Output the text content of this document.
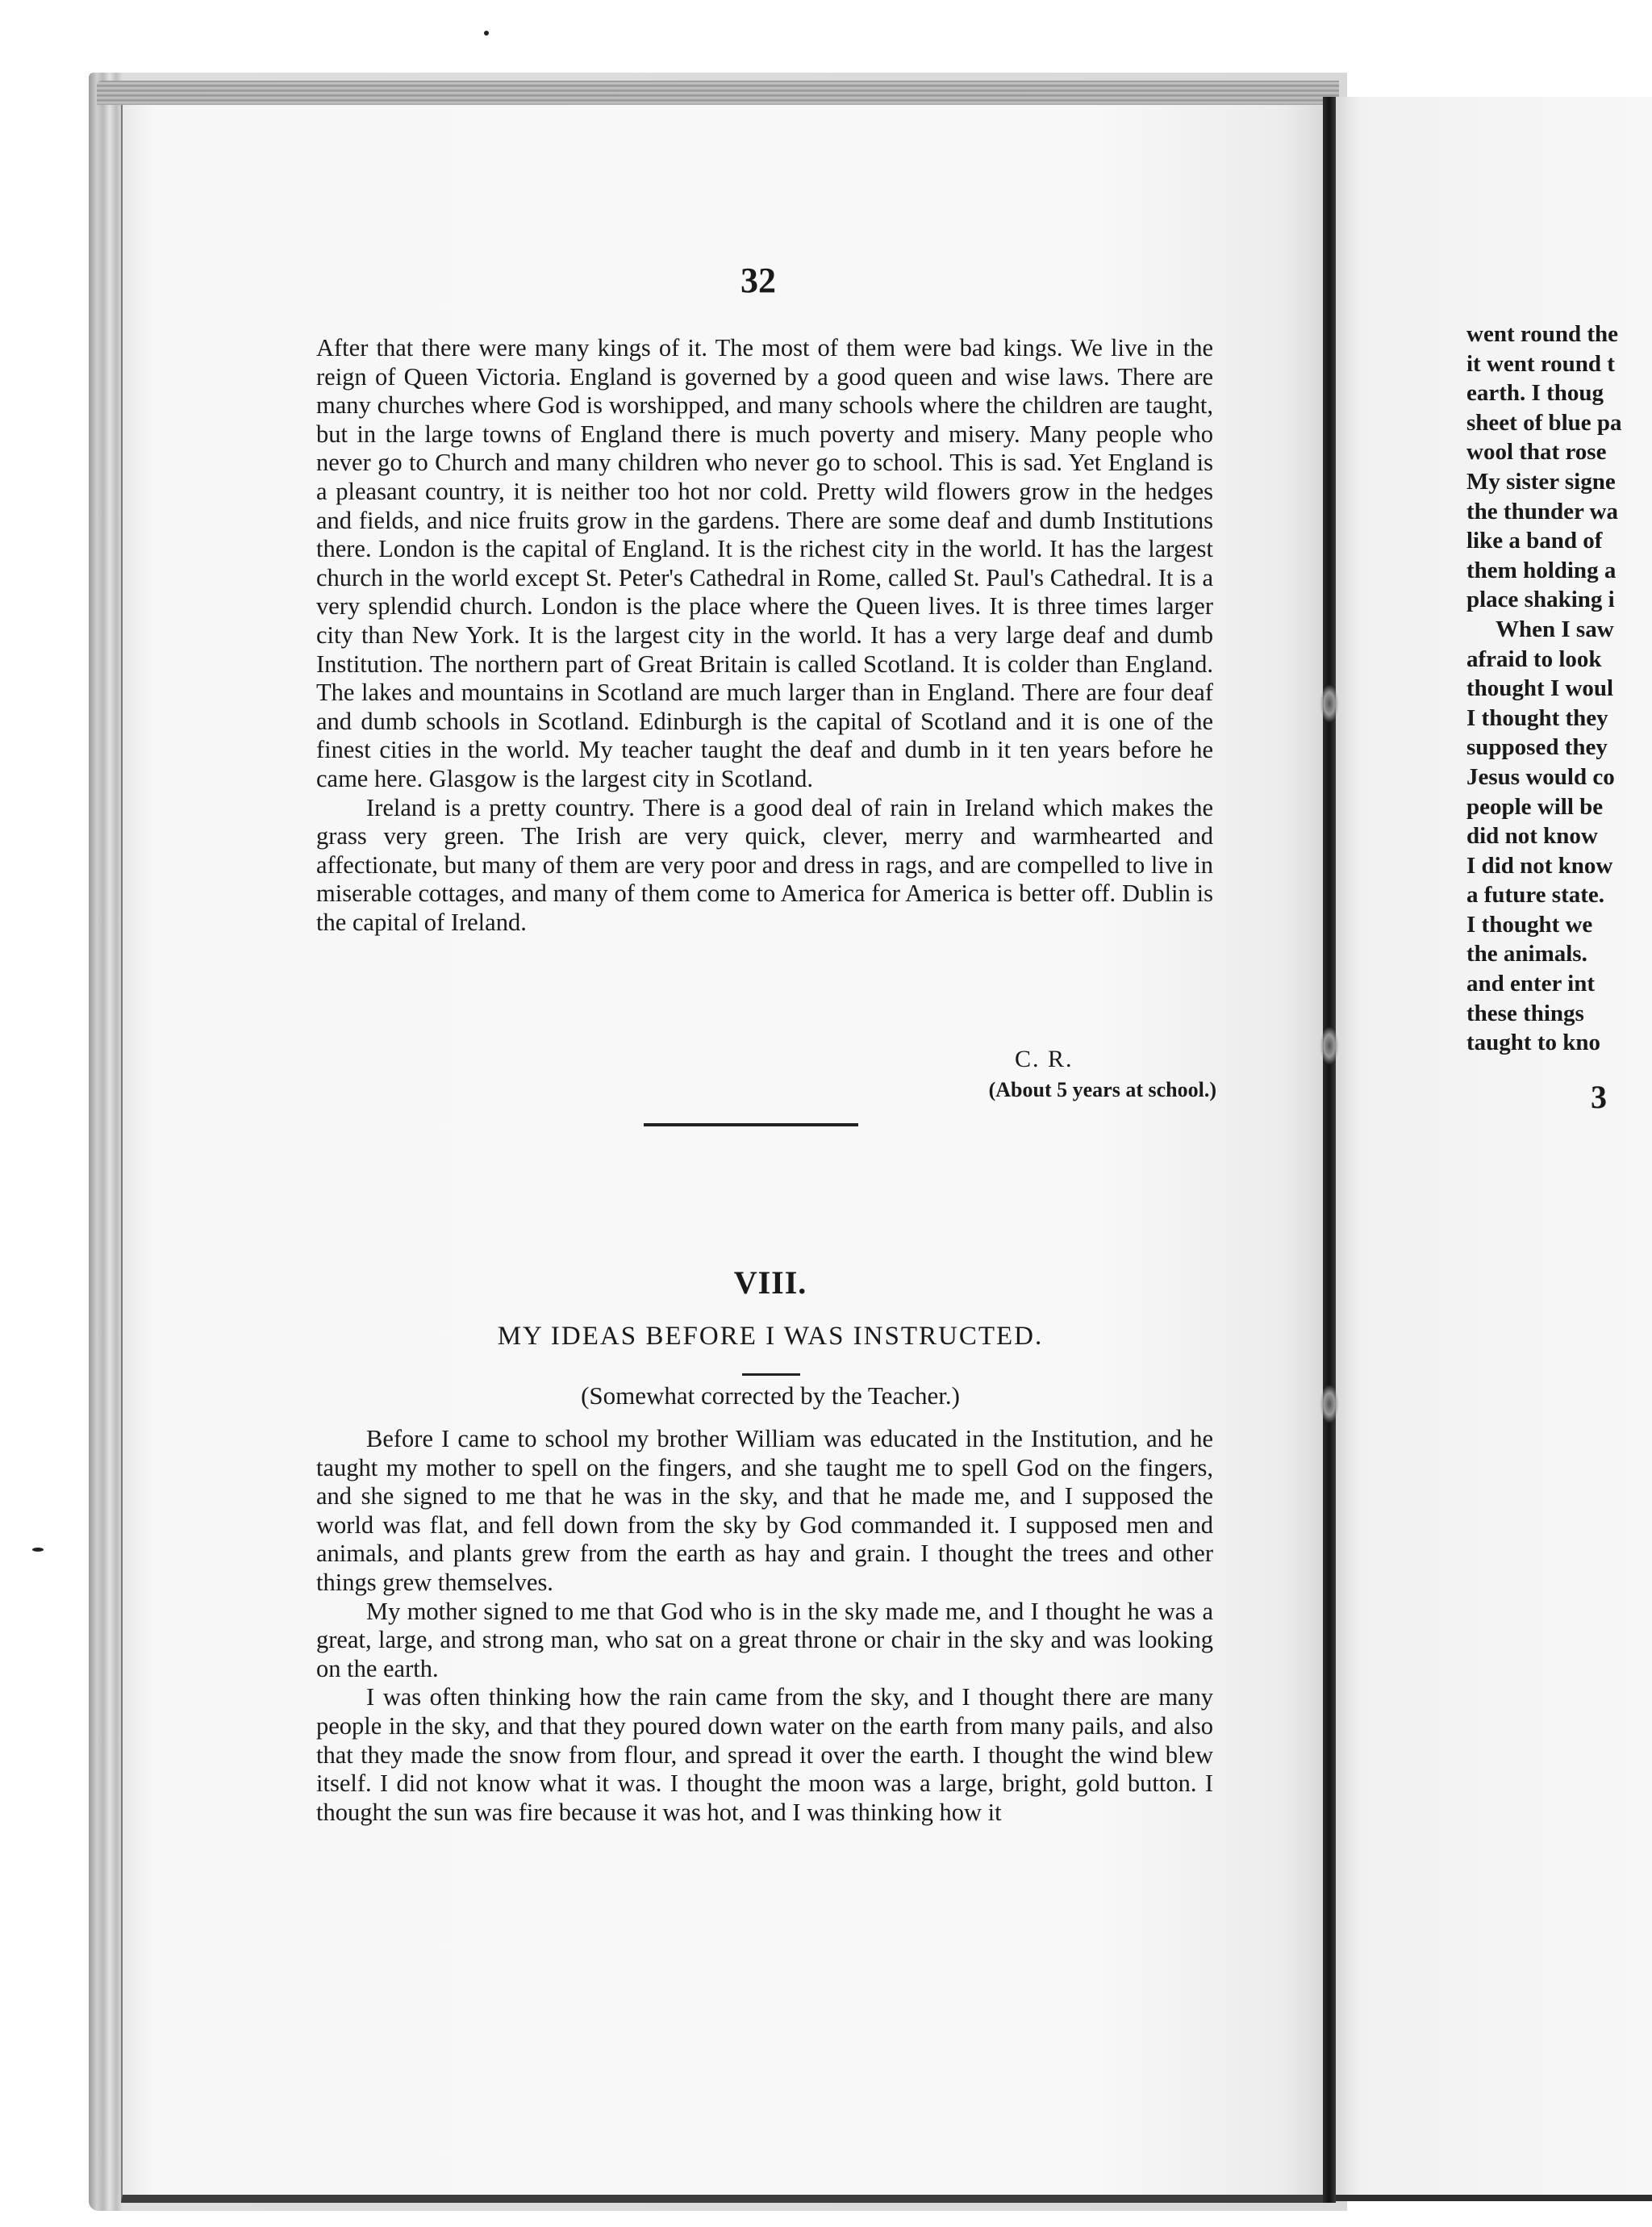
32

After that there were many kings of it. The most of them were bad kings. We live in the reign of Queen Victoria. England is governed by a good queen and wise laws. There are many churches where God is worshipped, and many schools where the children are taught, but in the large towns of England there is much poverty and misery. Many people who never go to Church and many children who never go to school. This is sad. Yet England is a pleasant country, it is neither too hot nor cold. Pretty wild flowers grow in the hedges and fields, and nice fruits grow in the gardens. There are some deaf and dumb Institutions there. London is the capital of England. It is the richest city in the world. It has the largest church in the world except St. Peter's Cathedral in Rome, called St. Paul's Cathedral. It is a very splendid church. London is the place where the Queen lives. It is three times larger city than New York. It is the largest city in the world. It has a very large deaf and dumb Institution. The northern part of Great Britain is called Scotland. It is colder than England. The lakes and mountains in Scotland are much larger than in England. There are four deaf and dumb schools in Scotland. Edinburgh is the capital of Scotland and it is one of the finest cities in the world. My teacher taught the deaf and dumb in it ten years before he came here. Glasgow is the largest city in Scotland.

Ireland is a pretty country. There is a good deal of rain in Ireland which makes the grass very green. The Irish are very quick, clever, merry and warmhearted and affectionate, but many of them are very poor and dress in rags, and are compelled to live in miserable cottages, and many of them come to America for America is better off. Dublin is the capital of Ireland.

C. R.
(About 5 years at school.)
VIII.
MY IDEAS BEFORE I WAS INSTRUCTED.
(Somewhat corrected by the Teacher.)

Before I came to school my brother William was educated in the Institution, and he taught my mother to spell on the fingers, and she taught me to spell God on the fingers, and she signed to me that he was in the sky, and that he made me, and I supposed the world was flat, and fell down from the sky by God commanded it. I supposed men and animals, and plants grew from the earth as hay and grain. I thought the trees and other things grew themselves.

My mother signed to me that God who is in the sky made me, and I thought he was a great, large, and strong man, who sat on a great throne or chair in the sky and was looking on the earth.

I was often thinking how the rain came from the sky, and I thought there are many people in the sky, and that they poured down water on the earth from many pails, and also that they made the snow from flour, and spread it over the earth. I thought the wind blew itself. I did not know what it was. I thought the moon was a large, bright, gold button. I thought the sun was fire because it was hot, and I was thinking how it

went round the
it went round t
earth. I thoug
sheet of blue pa
wool that rose
My sister signe
the thunder wa
like a band of
them holding a
place shaking i
When I saw
afraid to look
thought I woul
I thought they
supposed they
Jesus would co
people will be
did not know
I did not know
a future state.
I thought we
the animals.
and enter int
these things
taught to kno
3
